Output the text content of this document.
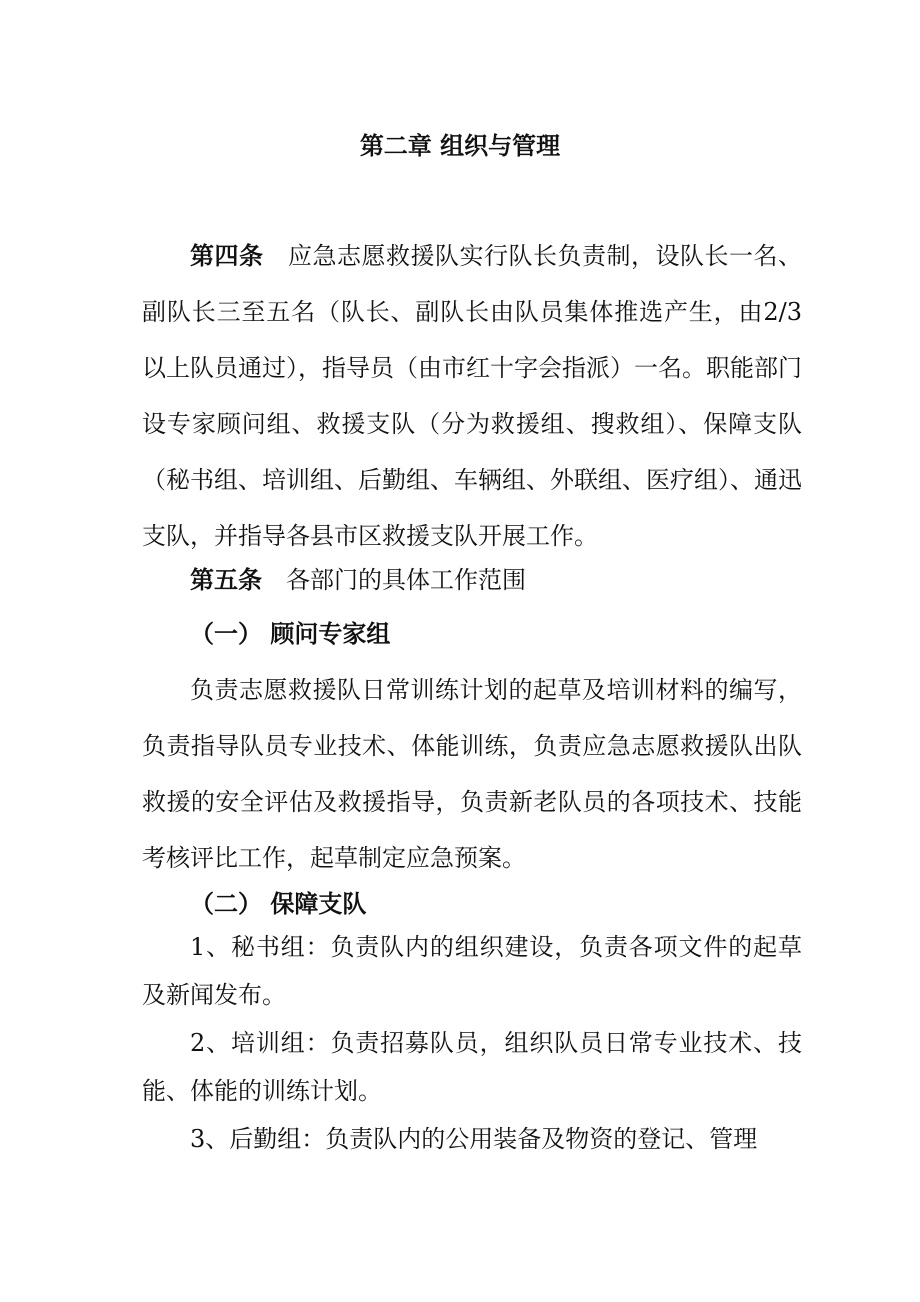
第二章 组织与管理

第四条 应急志愿救援队实行队长负责制，设队长一名、副队长三至五名（队长、副队长由队员集体推选产生，由2/3以上队员通过），指导员（由市红十字会指派）一名。职能部门设专家顾问组、救援支队（分为救援组、搜救组）、保障支队（秘书组、培训组、后勤组、车辆组、外联组、医疗组）、通迅支队，并指导各县市区救援支队开展工作。

第五条 各部门的具体工作范围

（一） 顾问专家组

负责志愿救援队日常训练计划的起草及培训材料的编写，负责指导队员专业技术、体能训练，负责应急志愿救援队出队救援的安全评估及救援指导，负责新老队员的各项技术、技能考核评比工作，起草制定应急预案。

（二） 保障支队

1、秘书组：负责队内的组织建设，负责各项文件的起草及新闻发布。

2、培训组：负责招募队员，组织队员日常专业技术、技能、体能的训练计划。

3、后勤组：负责队内的公用装备及物资的登记、管理
